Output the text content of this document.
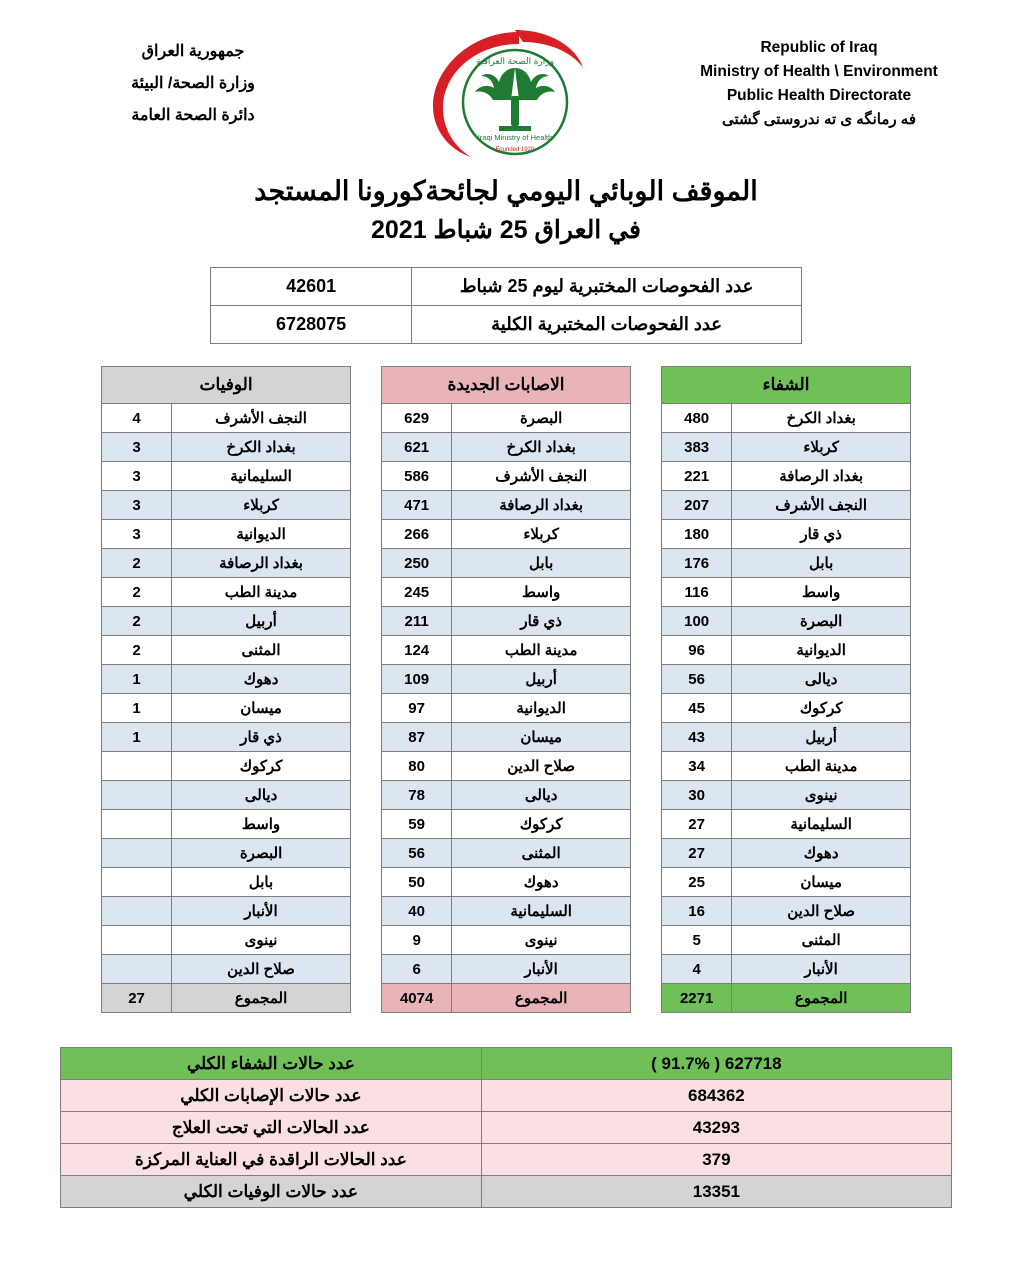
Republic of Iraq
Ministry of Health \ Environment
Public Health Directorate
فه رمانگه ى ته ندروستى گشتى
وزارة الصحة العراقية
Iraqi Ministry of Health
Founded 1920
جمهورية العراق
وزارة الصحة/ البيئة
دائرة الصحة العامة
الموقف الوبائي اليومي لجائحةكورونا المستجد
في العراق 25 شباط 2021
عدد الفحوصات المختبرية ليوم 25 شباط	42601
عدد الفحوصات المختبرية الكلية	6728075
الشفاء	
بغداد الكرخ	480
كربلاء	383
بغداد الرصافة	221
النجف الأشرف	207
ذي قار	180
بابل	176
واسط	116
البصرة	100
الديوانية	96
ديالى	56
كركوك	45
أربيل	43
مدينة الطب	34
نينوى	30
السليمانية	27
دهوك	27
ميسان	25
صلاح الدين	16
المثنى	5
الأنبار	4
المجموع	2271
الاصابات الجديدة	
البصرة	629
بغداد الكرخ	621
النجف الأشرف	586
بغداد الرصافة	471
كربلاء	266
بابل	250
واسط	245
ذي قار	211
مدينة الطب	124
أربيل	109
الديوانية	97
ميسان	87
صلاح الدين	80
ديالى	78
كركوك	59
المثنى	56
دهوك	50
السليمانية	40
نينوى	9
الأنبار	6
المجموع	4074
الوفيات	
النجف الأشرف	4
بغداد الكرخ	3
السليمانية	3
كربلاء	3
الديوانية	3
بغداد الرصافة	2
مدينة الطب	2
أربيل	2
المثنى	2
دهوك	1
ميسان	1
ذي قار	1
كركوك	
ديالى	
واسط	
البصرة	
بابل	
الأنبار	
نينوى	
صلاح الدين	
المجموع	27
627718 ( 91.7% )	عدد حالات الشفاء الكلي
684362	عدد حالات الإصابات الكلي
43293	عدد الحالات التي تحت العلاج
379	عدد الحالات الراقدة في العناية المركزة
13351	عدد حالات الوفيات الكلي
